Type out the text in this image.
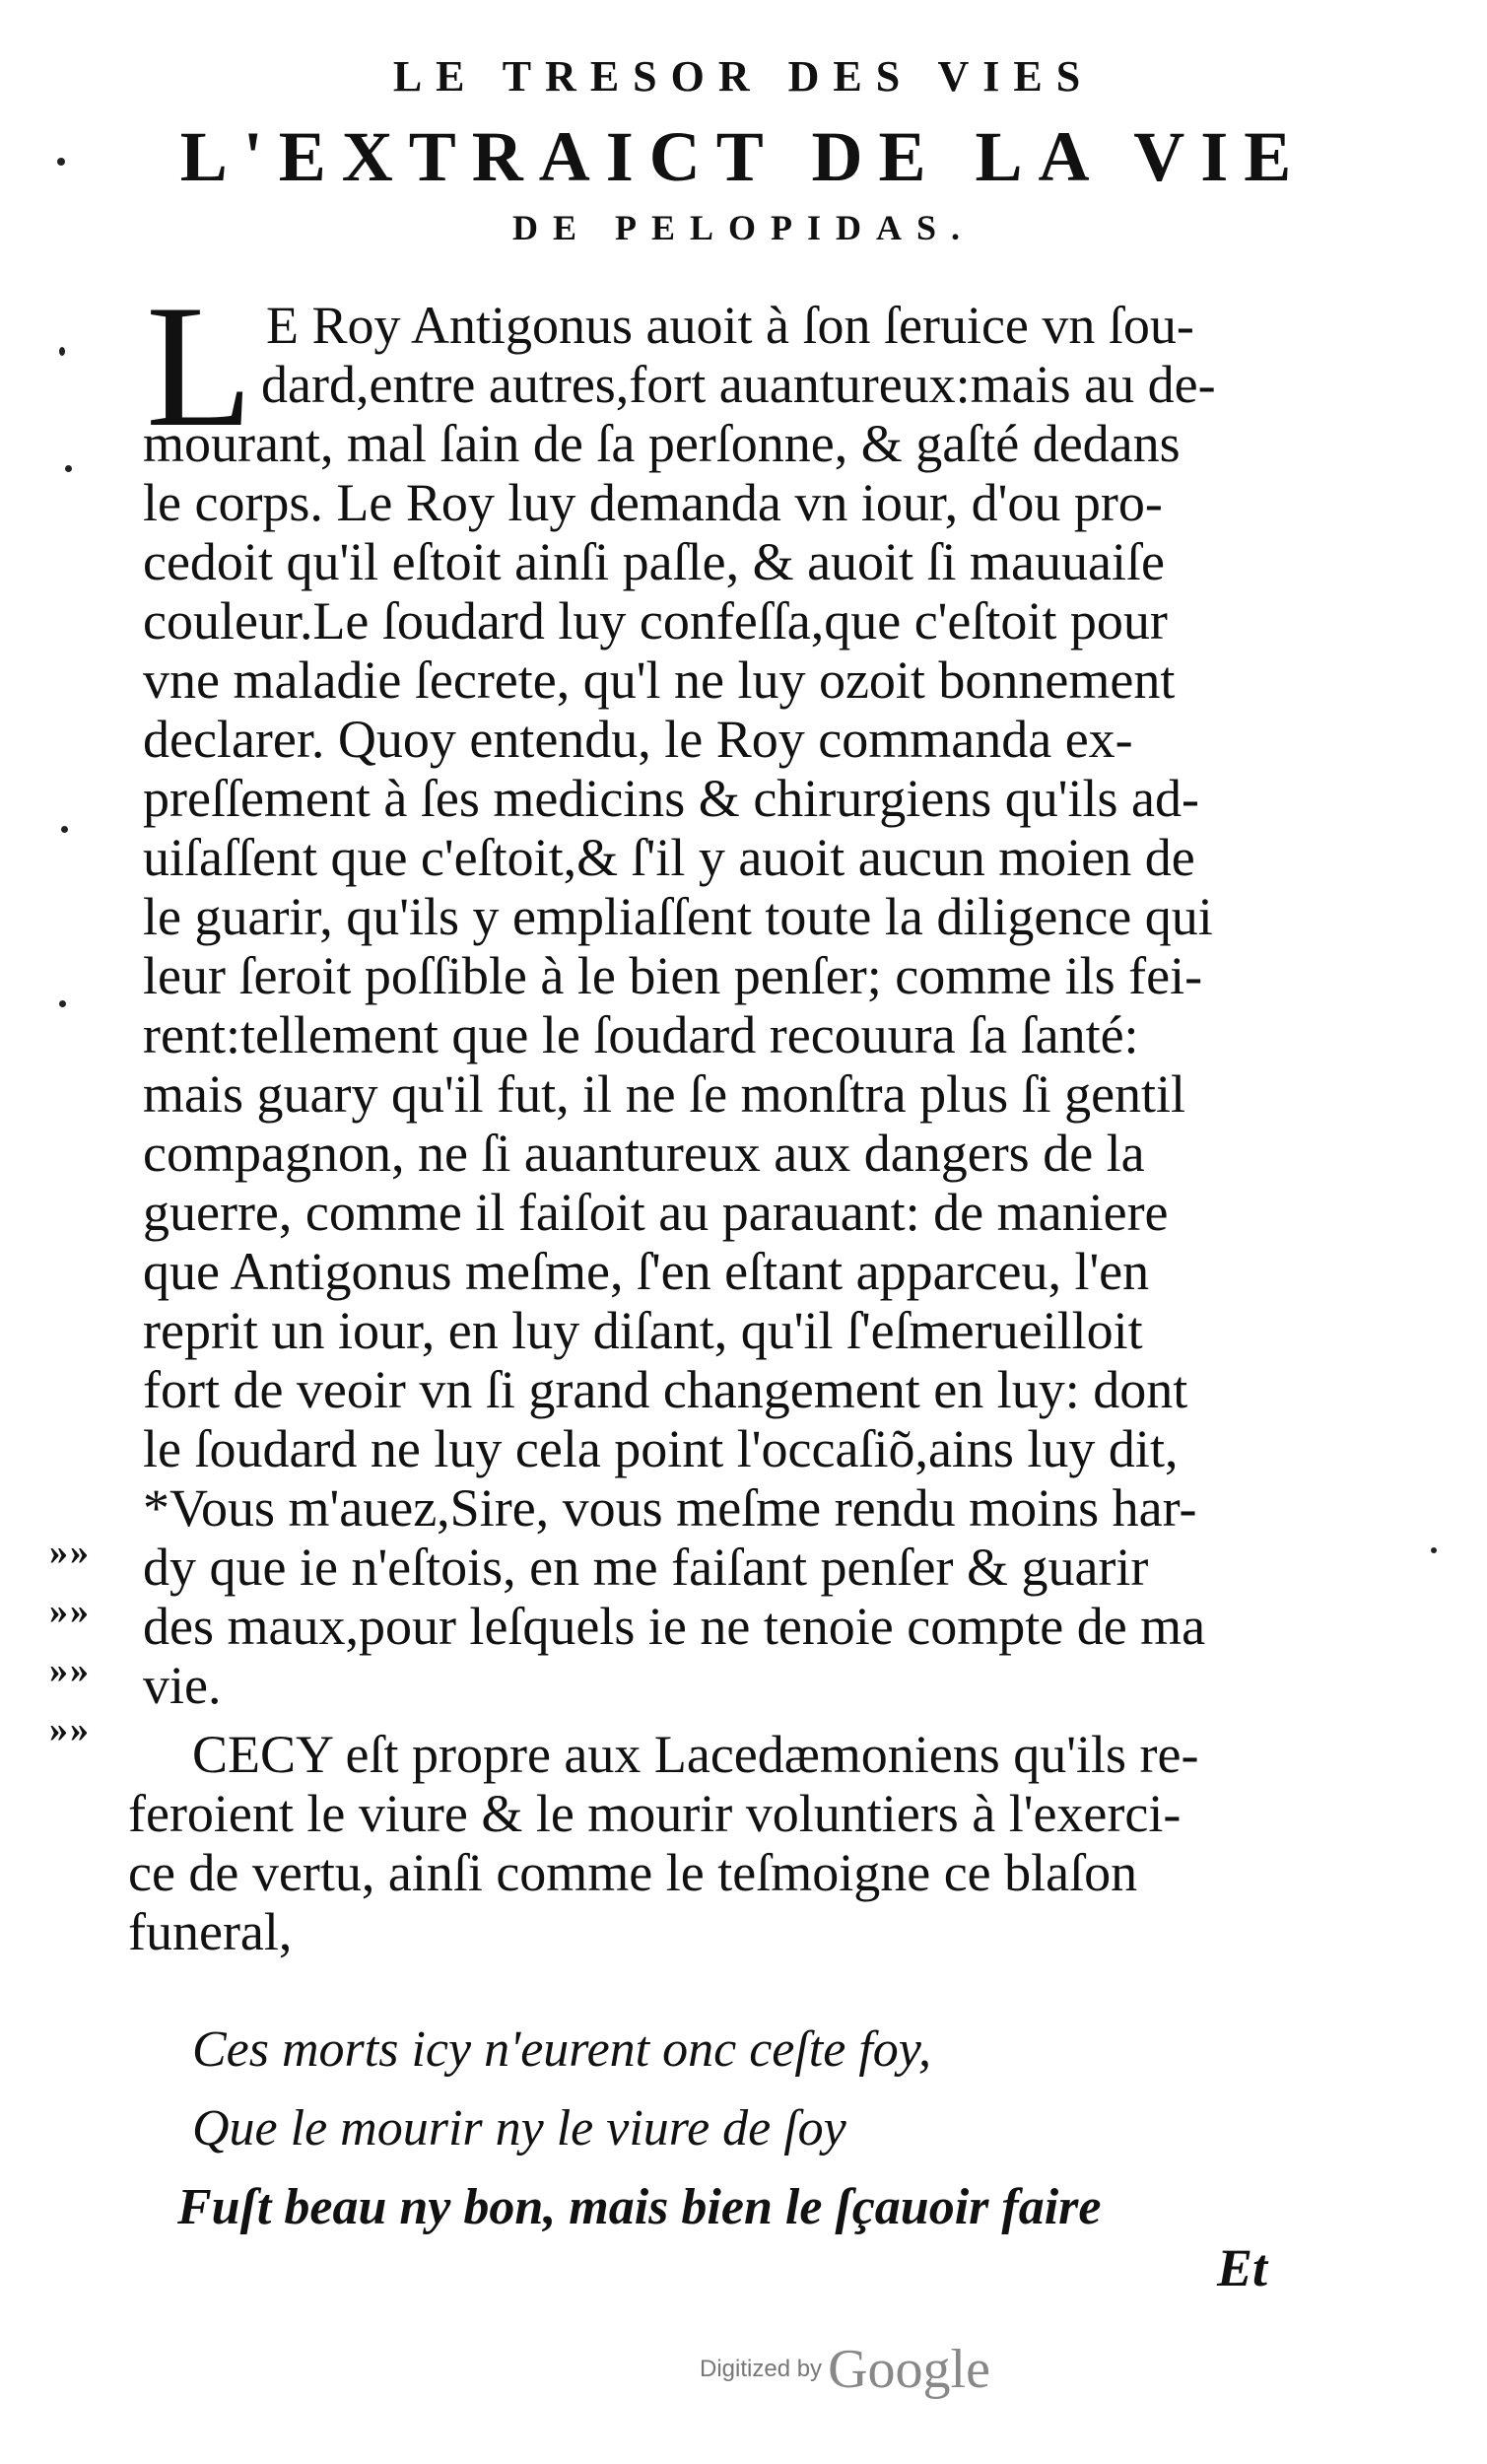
LE TRESOR DES VIES
L'EXTRAICT DE LA VIE
DE PELOPIDAS.
L E Roy Antigonus auoit à ſon ſeruice vn ſou-
dard,entre autres,fort auantureux:mais au de-
mourant, mal ſain de ſa perſonne, & gaſté dedans
le corps. Le Roy luy demanda vn iour, d'ou pro-
cedoit qu'il eſtoit ainſi paſle, & auoit ſi mauuaiſe
couleur.Le ſoudard luy confeſſa,que c'eſtoit pour
vne maladie ſecrete, qu'l ne luy ozoit bonnement
declarer. Quoy entendu, le Roy commanda ex-
preſſement à ſes medicins & chirurgiens qu'ils ad-
uiſaſſent que c'eſtoit,& ſ'il y auoit aucun moien de
le guarir, qu'ils y empliaſſent toute la diligence qui
leur ſeroit poſſible à le bien penſer; comme ils fei-
rent:tellement que le ſoudard recouura ſa ſanté:
mais guary qu'il fut, il ne ſe monſtra plus ſi gentil
compagnon, ne ſi auantureux aux dangers de la
guerre, comme il faiſoit au parauant: de maniere
que Antigonus meſme, ſ'en eſtant apparceu, l'en
reprit un iour, en luy diſant, qu'il ſ'eſmerueilloit
fort de veoir vn ſi grand changement en luy: dont
le ſoudard ne luy cela point l'occaſiõ,ains luy dit,
*Vous m'auez,Sire, vous meſme rendu moins har-
dy que ie n'eſtois, en me faiſant penſer & guarir
des maux,pour leſquels ie ne tenoie compte de ma
vie.
CECY eſt propre aux Lacedæmoniens qu'ils re-
feroient le viure & le mourir voluntiers à l'exerci-
ce de vertu, ainſi comme le teſmoigne ce blaſon
funeral,
»»
»»
»»
»»
Ces morts icy n'eurent onc ceſte foy,
Que le mourir ny le viure de ſoy
Fuſt beau ny bon, mais bien le ſçauoir faire
Et
Digitized by Google
